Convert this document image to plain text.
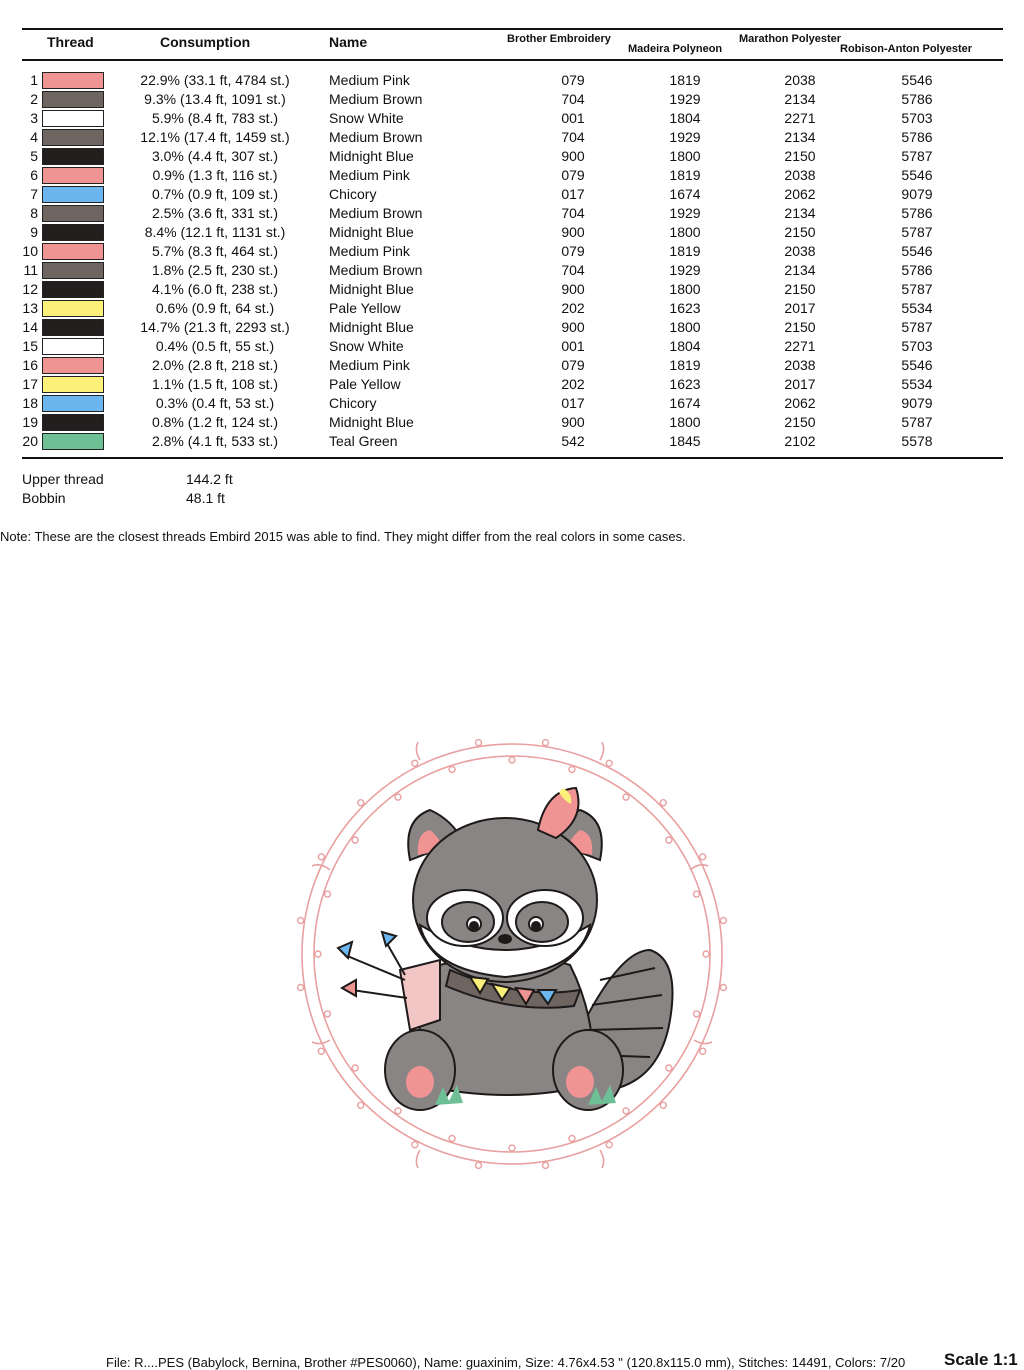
Thread	Consumption	Name	Brother Embroidery
Madeira Polyneon
Marathon Polyester
Robison-Anton Polyester
1	22.9% (33.1 ft, 4784 st.)	Medium Pink	079	1819	2038	5546
2	9.3% (13.4 ft, 1091 st.)	Medium Brown	704	1929	2134	5786
3	5.9% (8.4 ft, 783 st.)	Snow White	001	1804	2271	5703
4	12.1% (17.4 ft, 1459 st.)	Medium Brown	704	1929	2134	5786
5	3.0% (4.4 ft, 307 st.)	Midnight Blue	900	1800	2150	5787
6	0.9% (1.3 ft, 116 st.)	Medium Pink	079	1819	2038	5546
7	0.7% (0.9 ft, 109 st.)	Chicory	017	1674	2062	9079
8	2.5% (3.6 ft, 331 st.)	Medium Brown	704	1929	2134	5786
9	8.4% (12.1 ft, 1131 st.)	Midnight Blue	900	1800	2150	5787
10	5.7% (8.3 ft, 464 st.)	Medium Pink	079	1819	2038	5546
11	1.8% (2.5 ft, 230 st.)	Medium Brown	704	1929	2134	5786
12	4.1% (6.0 ft, 238 st.)	Midnight Blue	900	1800	2150	5787
13	0.6% (0.9 ft, 64 st.)	Pale Yellow	202	1623	2017	5534
14	14.7% (21.3 ft, 2293 st.)	Midnight Blue	900	1800	2150	5787
15	0.4% (0.5 ft, 55 st.)	Snow White	001	1804	2271	5703
16	2.0% (2.8 ft, 218 st.)	Medium Pink	079	1819	2038	5546
17	1.1% (1.5 ft, 108 st.)	Pale Yellow	202	1623	2017	5534
18	0.3% (0.4 ft, 53 st.)	Chicory	017	1674	2062	9079
19	0.8% (1.2 ft, 124 st.)	Midnight Blue	900	1800	2150	5787
20	2.8% (4.1 ft, 533 st.)	Teal Green	542	1845	2102	5578
Upper thread	144.2 ft
Bobbin	48.1 ft
Note: These are the closest threads Embird 2015 was able to find. They might differ from the real colors in some cases.
File: R....PES (Babylock, Bernina, Brother #PES0060), Name: guaxinim, Size: 4.76x4.53 " (120.8x115.0 mm), Stitches: 14491, Colors: 7/20 Scale 1:1
